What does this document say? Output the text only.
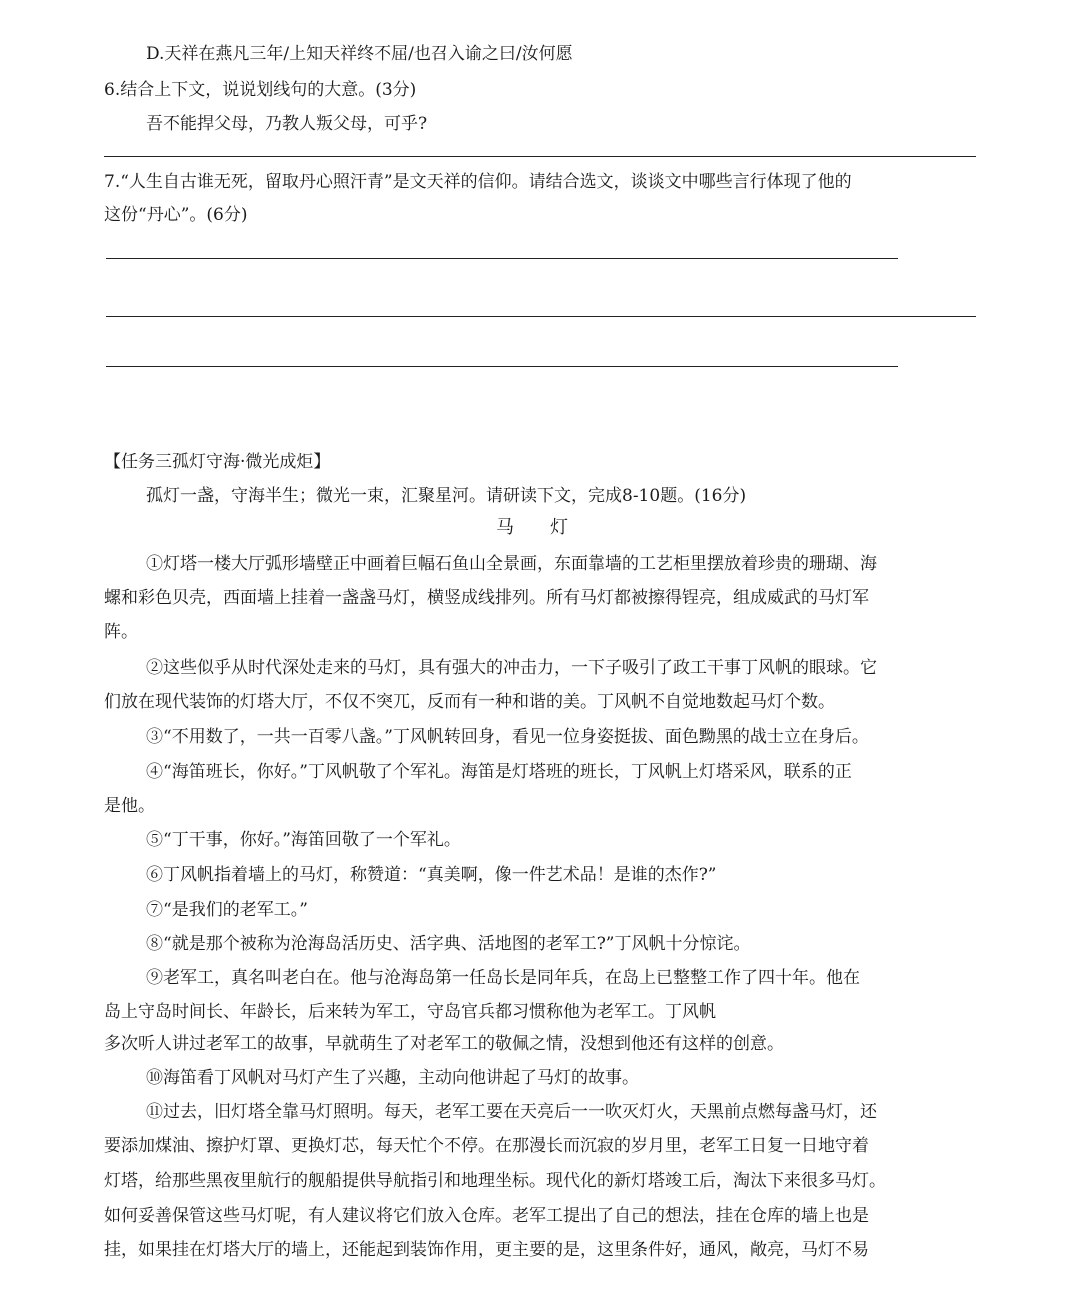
D.天祥在燕凡三年/上知天祥终不屈/也召入谕之曰/汝何愿
6.结合上下文，说说划线句的大意。(3分)
吾不能捍父母，乃教人叛父母，可乎?
7.“人生自古谁无死，留取丹心照汗青”是文天祥的信仰。请结合选文，谈谈文中哪些言行体现了他的
这份“丹心”。(6分)
【任务三孤灯守海·微光成炬】
孤灯一盏，守海半生；微光一束，汇聚星河。请研读下文，完成8-10题。(16分)
马　　灯
①灯塔一楼大厅弧形墙壁正中画着巨幅石鱼山全景画，东面靠墙的工艺柜里摆放着珍贵的珊瑚、海
螺和彩色贝壳，西面墙上挂着一盏盏马灯，横竖成线排列。所有马灯都被擦得锃亮，组成威武的马灯军
阵。
②这些似乎从时代深处走来的马灯，具有强大的冲击力，一下子吸引了政工干事丁风帆的眼球。它
们放在现代装饰的灯塔大厅，不仅不突兀，反而有一种和谐的美。丁风帆不自觉地数起马灯个数。
③“不用数了，一共一百零八盏。”丁风帆转回身，看见一位身姿挺拔、面色黝黑的战士立在身后。
④“海笛班长，你好。”丁风帆敬了个军礼。海笛是灯塔班的班长，丁风帆上灯塔采风，联系的正
是他。
⑤“丁干事，你好。”海笛回敬了一个军礼。
⑥丁风帆指着墙上的马灯，称赞道：“真美啊，像一件艺术品！是谁的杰作?”
⑦“是我们的老军工。”
⑧“就是那个被称为沧海岛活历史、活字典、活地图的老军工?”丁风帆十分惊诧。
⑨老军工，真名叫老白在。他与沧海岛第一任岛长是同年兵，在岛上已整整工作了四十年。他在
岛上守岛时间长、年龄长，后来转为军工，守岛官兵都习惯称他为老军工。丁风帆
多次听人讲过老军工的故事，早就萌生了对老军工的敬佩之情，没想到他还有这样的创意。
⑩海笛看丁风帆对马灯产生了兴趣，主动向他讲起了马灯的故事。
⑪过去，旧灯塔全靠马灯照明。每天，老军工要在天亮后一一吹灭灯火，天黑前点燃每盏马灯，还
要添加煤油、擦护灯罩、更换灯芯，每天忙个不停。在那漫长而沉寂的岁月里，老军工日复一日地守着
灯塔，给那些黑夜里航行的舰船提供导航指引和地理坐标。现代化的新灯塔竣工后，淘汰下来很多马灯。
如何妥善保管这些马灯呢，有人建议将它们放入仓库。老军工提出了自己的想法，挂在仓库的墙上也是
挂，如果挂在灯塔大厅的墙上，还能起到装饰作用，更主要的是，这里条件好，通风，敞亮，马灯不易
